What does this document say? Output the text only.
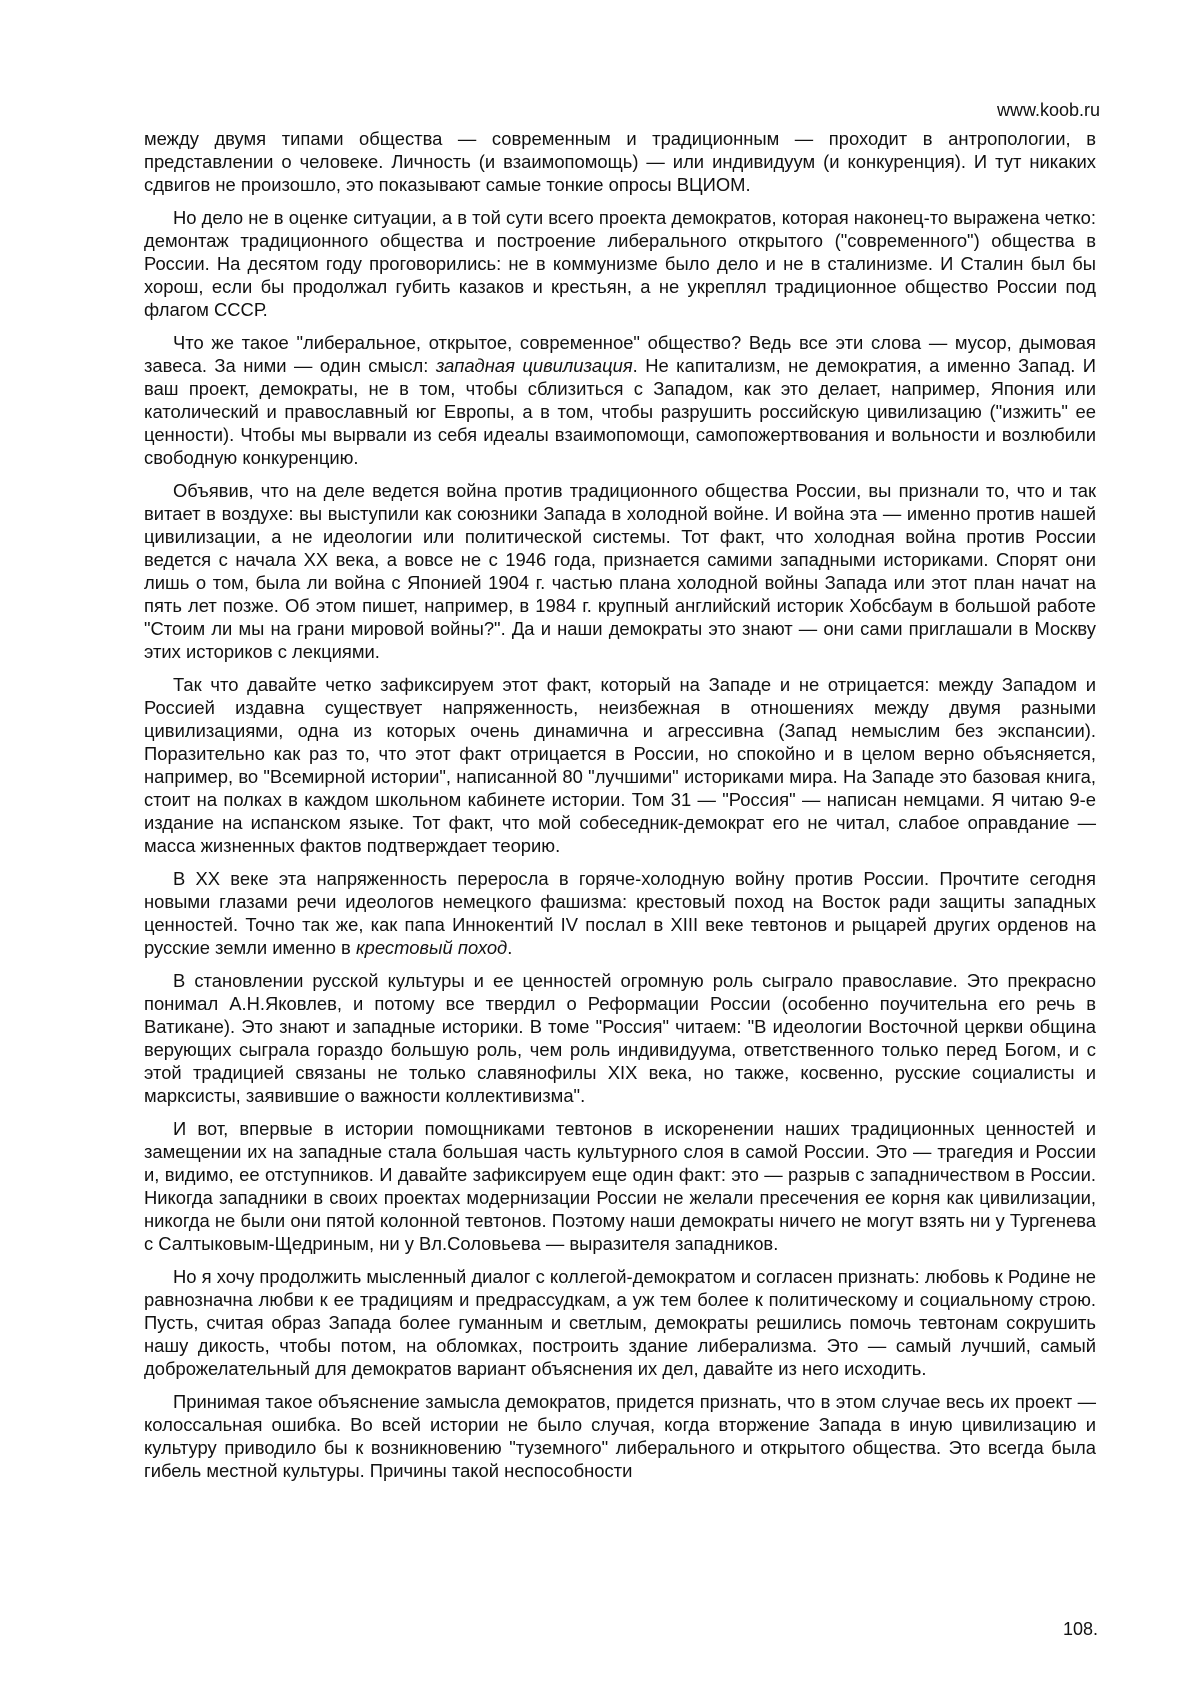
www.koob.ru

между двумя типами общества — современным и традиционным — проходит в антропологии, в представлении о человеке. Личность (и взаимопомощь) — или индивидуум (и конкуренция). И тут никаких сдвигов не произошло, это показывают самые тонкие опросы ВЦИОМ.

Но дело не в оценке ситуации, а в той сути всего проекта демократов, которая наконец-то выражена четко: демонтаж традиционного общества и построение либерального открытого ("современного") общества в России. На десятом году проговорились: не в коммунизме было дело и не в сталинизме. И Сталин был бы хорош, если бы продолжал губить казаков и крестьян, а не укреплял традиционное общество России под флагом СССР.

Что же такое "либеральное, открытое, современное" общество? Ведь все эти слова — мусор, дымовая завеса. За ними — один смысл: западная цивилизация. Не капитализм, не демократия, а именно Запад. И ваш проект, демократы, не в том, чтобы сблизиться с Западом, как это делает, например, Япония или католический и православный юг Европы, а в том, чтобы разрушить российскую цивилизацию ("изжить" ее ценности). Чтобы мы вырвали из себя идеалы взаимопомощи, самопожертвования и вольности и возлюбили свободную конкуренцию.

Объявив, что на деле ведется война против традиционного общества России, вы признали то, что и так витает в воздухе: вы выступили как союзники Запада в холодной войне. И война эта — именно против нашей цивилизации, а не идеологии или политической системы. Тот факт, что холодная война против России ведется с начала XX века, а вовсе не с 1946 года, признается самими западными историками. Спорят они лишь о том, была ли война с Японией 1904 г. частью плана холодной войны Запада или этот план начат на пять лет позже. Об этом пишет, например, в 1984 г. крупный английский историк Хобсбаум в большой работе "Стоим ли мы на грани мировой войны?". Да и наши демократы это знают — они сами приглашали в Москву этих историков с лекциями.

Так что давайте четко зафиксируем этот факт, который на Западе и не отрицается: между Западом и Россией издавна существует напряженность, неизбежная в отношениях между двумя разными цивилизациями, одна из которых очень динамична и агрессивна (Запад немыслим без экспансии). Поразительно как раз то, что этот факт отрицается в России, но спокойно и в целом верно объясняется, например, во "Всемирной истории", написанной 80 "лучшими" историками мира. На Западе это базовая книга, стоит на полках в каждом школьном кабинете истории. Том 31 — "Россия" — написан немцами. Я читаю 9-е издание на испанском языке. Тот факт, что мой собеседник-демократ его не читал, слабое оправдание — масса жизненных фактов подтверждает теорию.

В XX веке эта напряженность переросла в горяче-холодную войну против России. Прочтите сегодня новыми глазами речи идеологов немецкого фашизма: крестовый поход на Восток ради защиты западных ценностей. Точно так же, как папа Иннокентий IV послал в XIII веке тевтонов и рыцарей других орденов на русские земли именно в крестовый поход.

В становлении русской культуры и ее ценностей огромную роль сыграло православие. Это прекрасно понимал А.Н.Яковлев, и потому все твердил о Реформации России (особенно поучительна его речь в Ватикане). Это знают и западные историки. В томе "Россия" читаем: "В идеологии Восточной церкви община верующих сыграла гораздо большую роль, чем роль индивидуума, ответственного только перед Богом, и с этой традицией связаны не только славянофилы XIX века, но также, косвенно, русские социалисты и марксисты, заявившие о важности коллективизма".

И вот, впервые в истории помощниками тевтонов в искоренении наших традиционных ценностей и замещении их на западные стала большая часть культурного слоя в самой России. Это — трагедия и России и, видимо, ее отступников. И давайте зафиксируем еще один факт: это — разрыв с западничеством в России. Никогда западники в своих проектах модернизации России не желали пресечения ее корня как цивилизации, никогда не были они пятой колонной тевтонов. Поэтому наши демократы ничего не могут взять ни у Тургенева с Салтыковым-Щедриным, ни у Вл.Соловьева — выразителя западников.

Но я хочу продолжить мысленный диалог с коллегой-демократом и согласен признать: любовь к Родине не равнозначна любви к ее традициям и предрассудкам, а уж тем более к политическому и социальному строю. Пусть, считая образ Запада более гуманным и светлым, демократы решились помочь тевтонам сокрушить нашу дикость, чтобы потом, на обломках, построить здание либерализма. Это — самый лучший, самый доброжелательный для демократов вариант объяснения их дел, давайте из него исходить.

Принимая такое объяснение замысла демократов, придется признать, что в этом случае весь их проект — колоссальная ошибка. Во всей истории не было случая, когда вторжение Запада в иную цивилизацию и культуру приводило бы к возникновению "туземного" либерального и открытого общества. Это всегда была гибель местной культуры. Причины такой неспособности

108.
